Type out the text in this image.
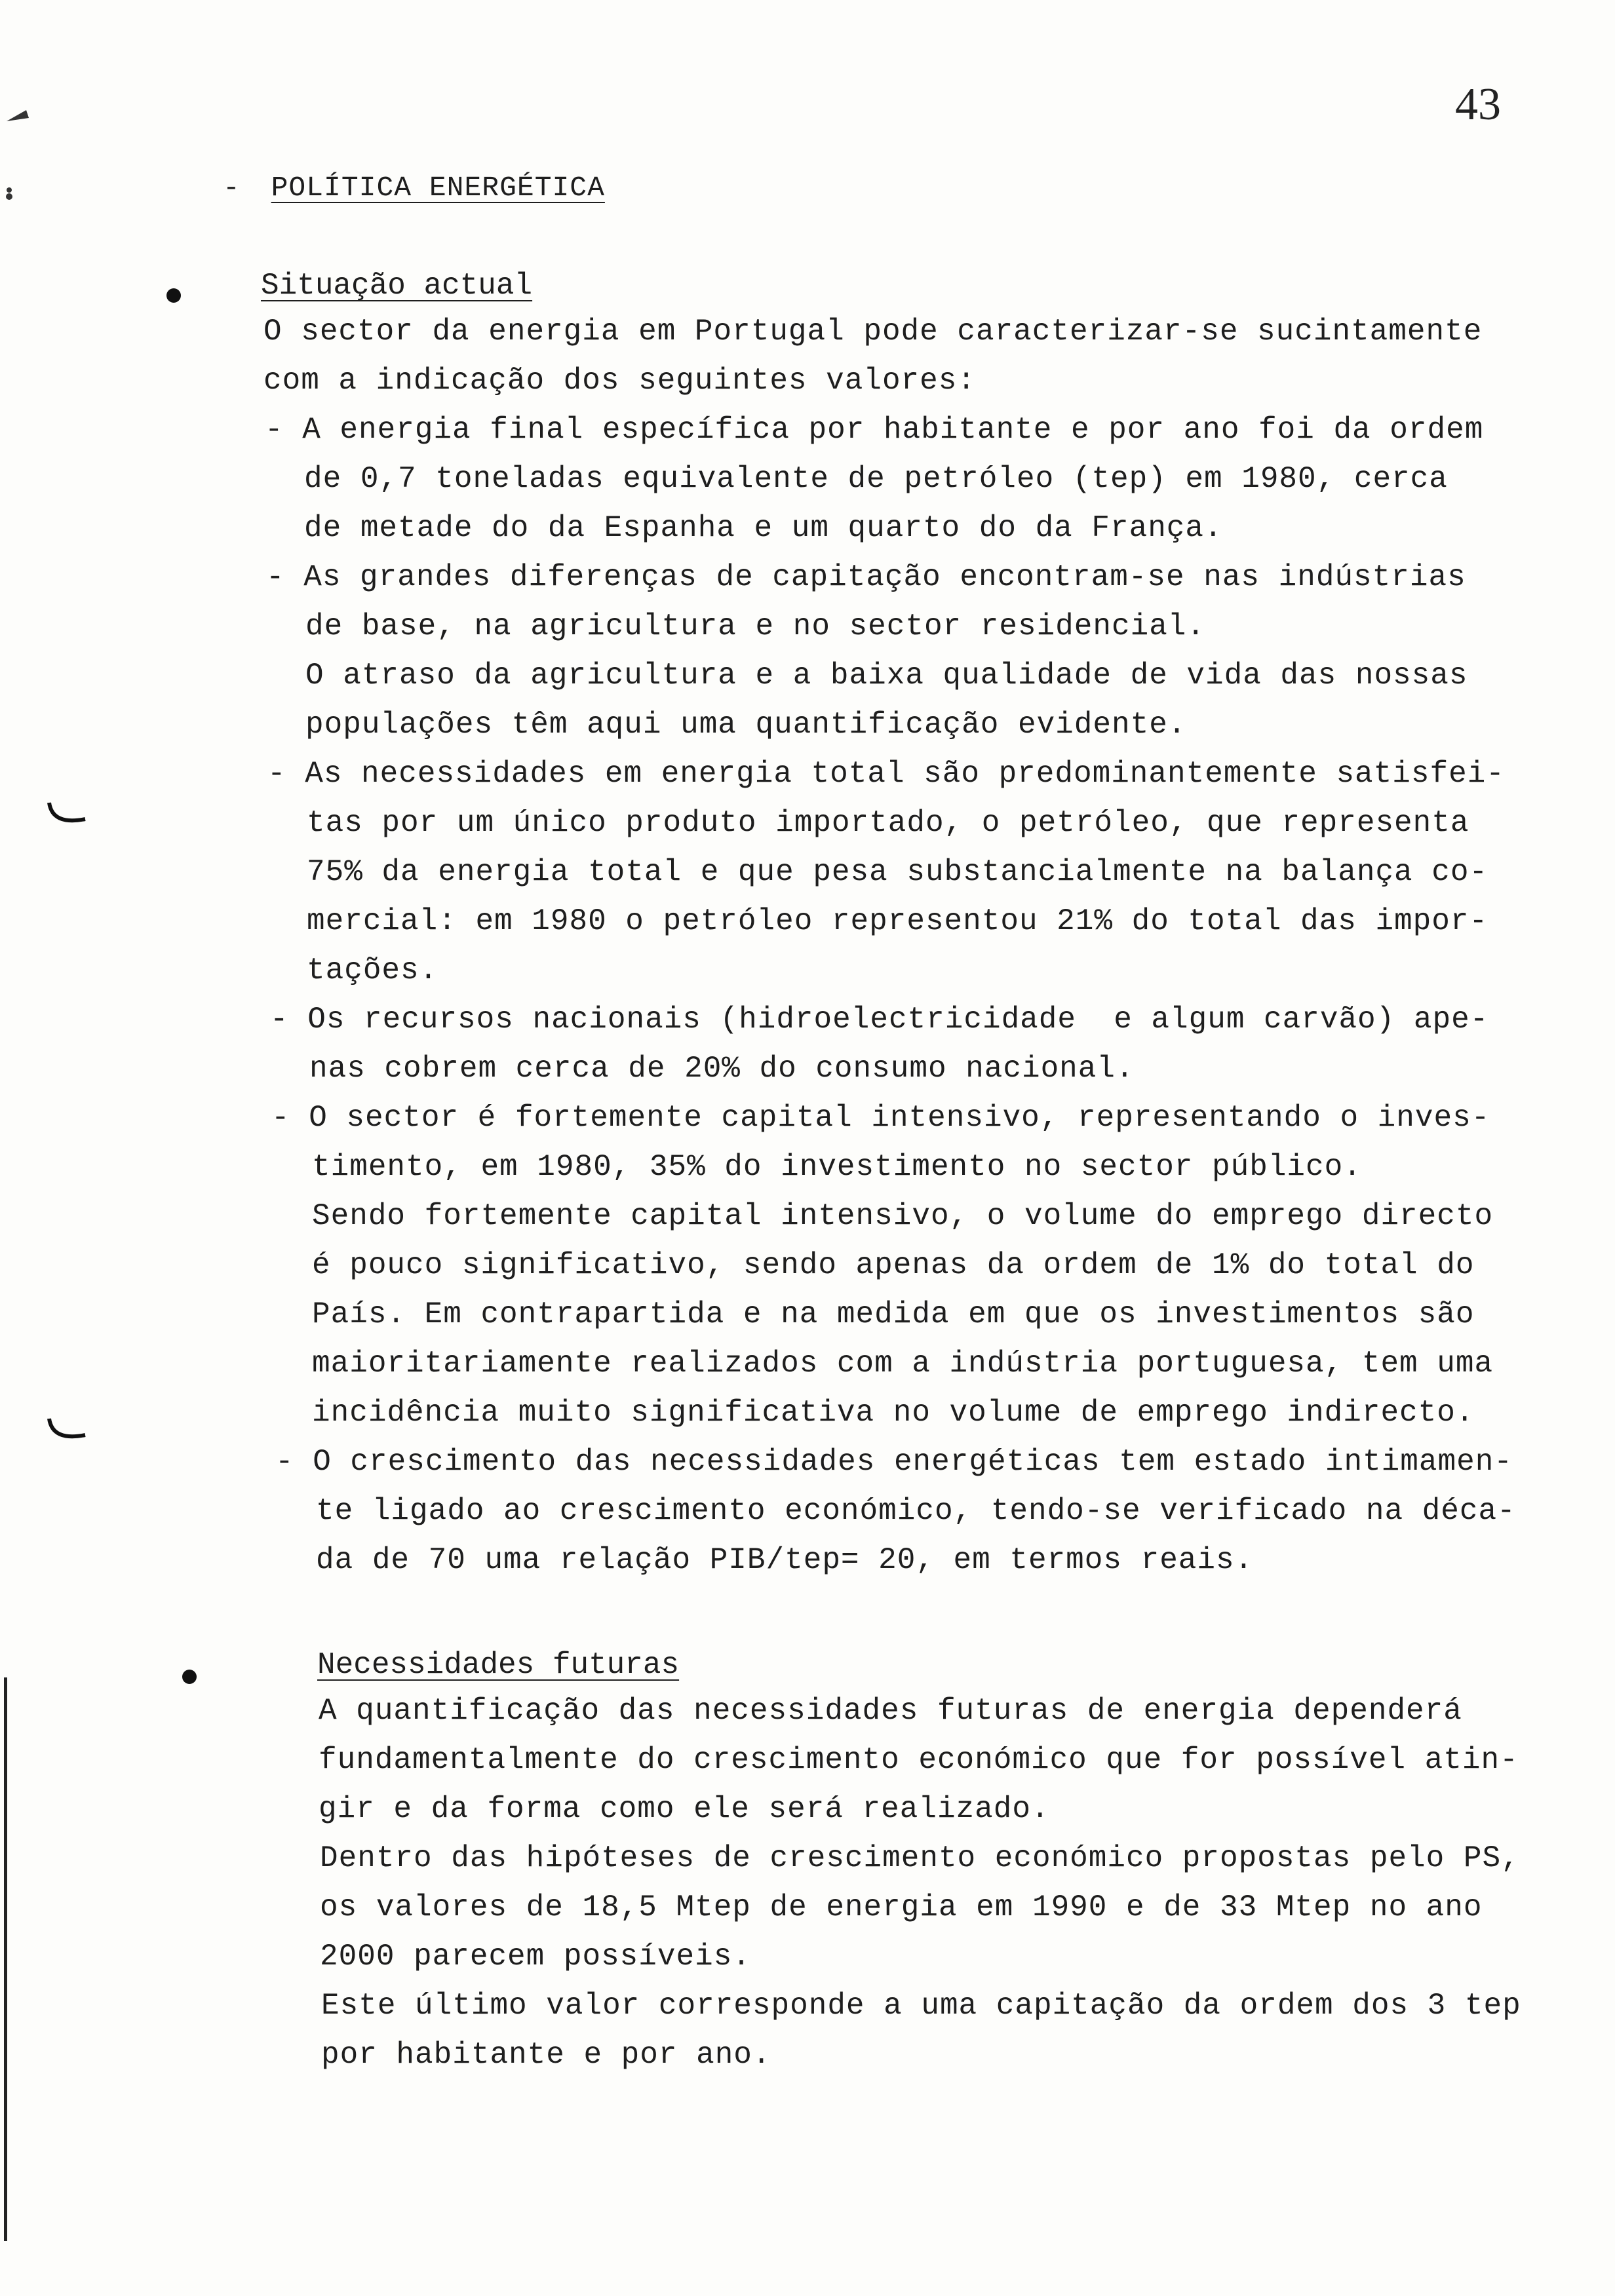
43
- POLÍTICA ENERGÉTICA
Situação actual
O sector da energia em Portugal pode caracterizar-se sucintamente
com a indicação dos seguintes valores:
- A energia final específica por habitante e por ano foi da ordem
de 0,7 toneladas equivalente de petróleo (tep) em 1980, cerca
de metade do da Espanha e um quarto do da França.
- As grandes diferenças de capitação encontram-se nas indústrias
de base, na agricultura e no sector residencial.
O atraso da agricultura e a baixa qualidade de vida das nossas
populações têm aqui uma quantificação evidente.
- As necessidades em energia total são predominantemente satisfei-
tas por um único produto importado, o petróleo, que representa
75% da energia total e que pesa substancialmente na balança co-
mercial: em 1980 o petróleo representou 21% do total das impor-
tações.
- Os recursos nacionais (hidroelectricidade  e algum carvão) ape-
nas cobrem cerca de 20% do consumo nacional.
- O sector é fortemente capital intensivo, representando o inves-
timento, em 1980, 35% do investimento no sector público.
Sendo fortemente capital intensivo, o volume do emprego directo
é pouco significativo, sendo apenas da ordem de 1% do total do
País. Em contrapartida e na medida em que os investimentos são
maioritariamente realizados com a indústria portuguesa, tem uma
incidência muito significativa no volume de emprego indirecto.
- O crescimento das necessidades energéticas tem estado intimamen-
te ligado ao crescimento económico, tendo-se verificado na déca-
da de 70 uma relação PIB/tep= 20, em termos reais.
Necessidades futuras
A quantificação das necessidades futuras de energia dependerá
fundamentalmente do crescimento económico que for possível atin-
gir e da forma como ele será realizado.
Dentro das hipóteses de crescimento económico propostas pelo PS,
os valores de 18,5 Mtep de energia em 1990 e de 33 Mtep no ano
2000 parecem possíveis.
Este último valor corresponde a uma capitação da ordem dos 3 tep
por habitante e por ano.
